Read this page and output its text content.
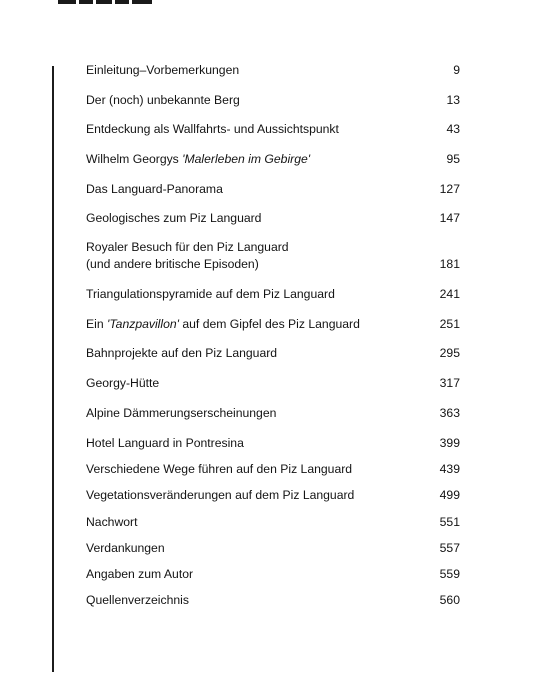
Einleitung–Vorbemerkungen	9
Der (noch) unbekannte Berg	13
Entdeckung als Wallfahrts- und Aussichtspunkt	43
Wilhelm Georgys 'Malerleben im Gebirge'	95
Das Languard-Panorama	127
Geologisches zum Piz Languard	147
Royaler Besuch für den Piz Languard
(und andere britische Episoden)	181
Triangulationspyramide auf dem Piz Languard	241
Ein 'Tanzpavillon' auf dem Gipfel des Piz Languard	251
Bahnprojekte auf den Piz Languard	295
Georgy-Hütte	317
Alpine Dämmerungserscheinungen	363
Hotel Languard in Pontresina	399
Verschiedene Wege führen auf den Piz Languard	439
Vegetationsveränderungen auf dem Piz Languard	499
Nachwort	551
Verdankungen	557
Angaben zum Autor	559
Quellenverzeichnis	560
